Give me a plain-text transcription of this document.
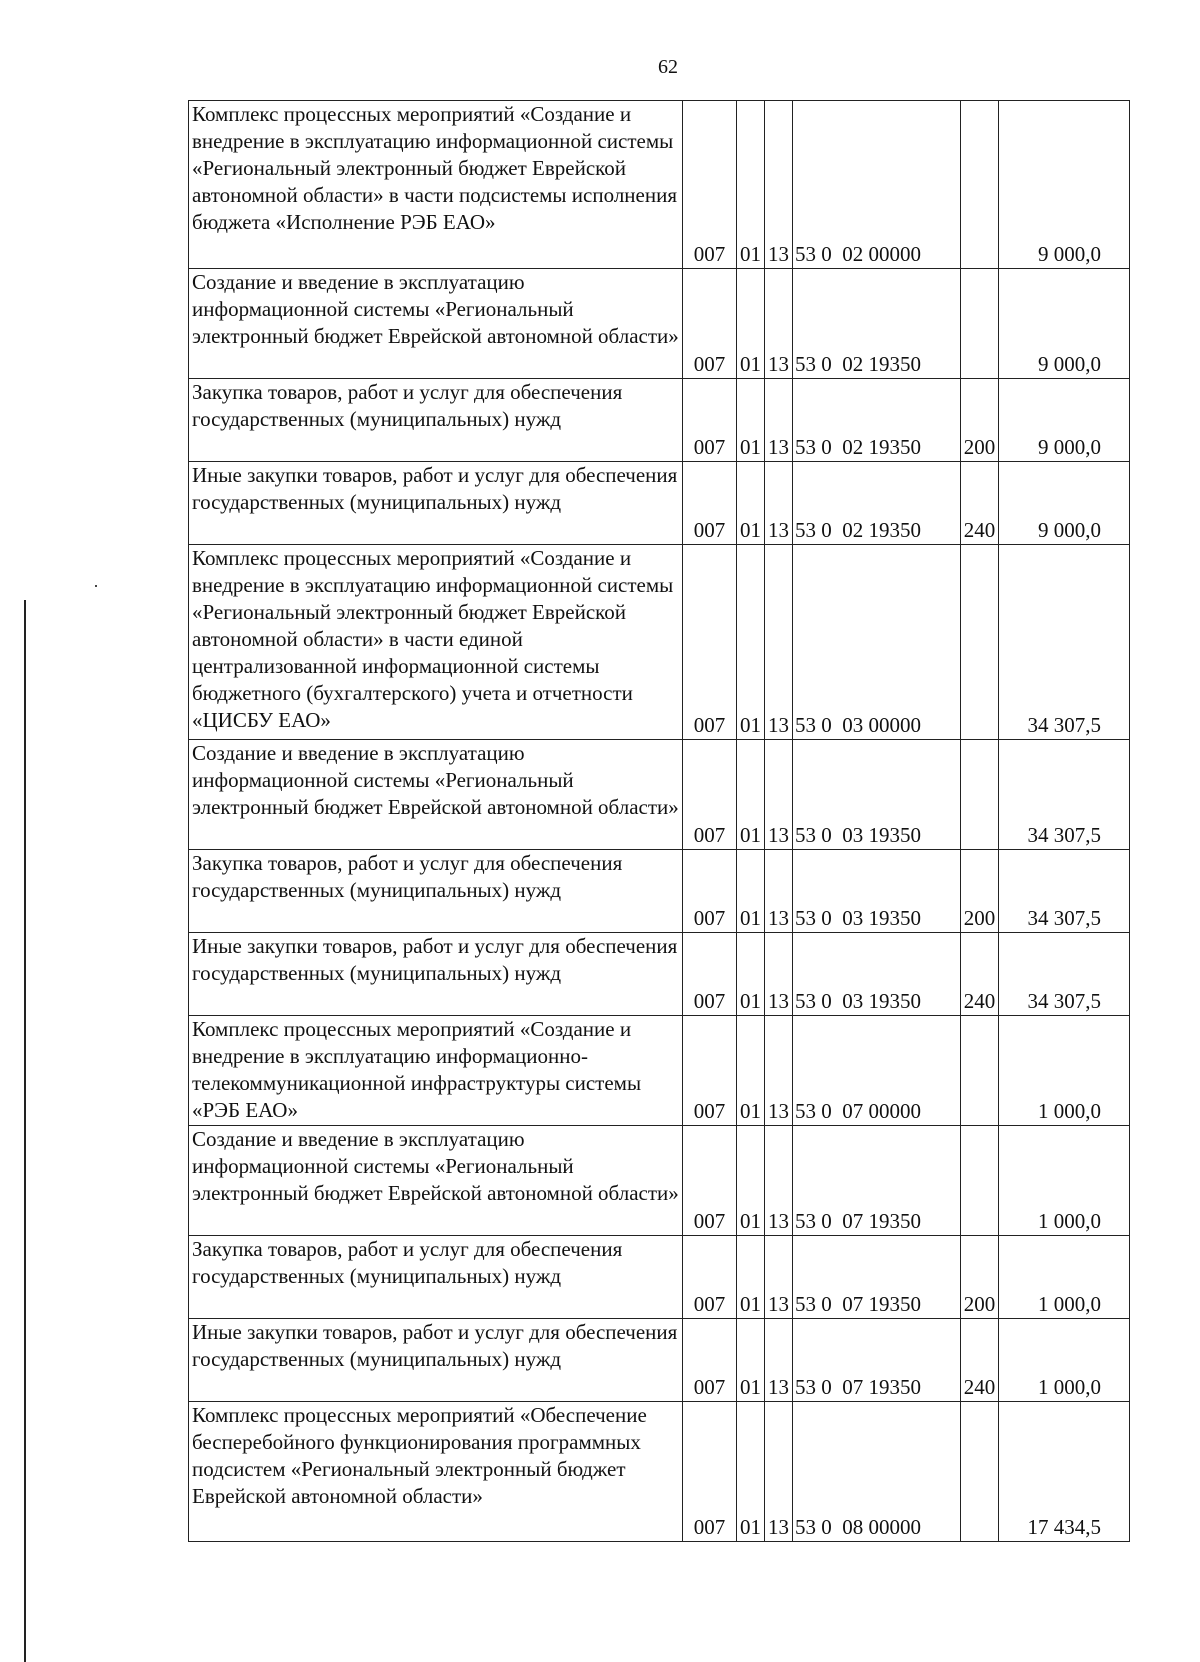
62
Комплекс процессных мероприятий «Создание и внедрение в эксплуатацию информационной системы «Региональный электронный бюджет Еврейской автономной области» в части подсистемы исполнения бюджета «Исполнение РЭБ ЕАО»	007	01	13	53 0  02 00000		9 000,0
Создание и введение в эксплуатацию информационной системы «Региональный электронный бюджет Еврейской автономной области»	007	01	13	53 0  02 19350		9 000,0
Закупка товаров, работ и услуг для обеспечения государственных (муниципальных) нужд	007	01	13	53 0  02 19350	200	9 000,0
Иные закупки товаров, работ и услуг для обеспечения государственных (муниципальных) нужд	007	01	13	53 0  02 19350	240	9 000,0
Комплекс процессных мероприятий «Создание и внедрение в эксплуатацию информационной системы «Региональный электронный бюджет Еврейской автономной области» в части единой централизованной информационной системы бюджетного (бухгалтерского) учета и отчетности «ЦИСБУ ЕАО»	007	01	13	53 0  03 00000		34 307,5
Создание и введение в эксплуатацию информационной системы «Региональный электронный бюджет Еврейской автономной области»	007	01	13	53 0  03 19350		34 307,5
Закупка товаров, работ и услуг для обеспечения государственных (муниципальных) нужд	007	01	13	53 0  03 19350	200	34 307,5
Иные закупки товаров, работ и услуг для обеспечения государственных (муниципальных) нужд	007	01	13	53 0  03 19350	240	34 307,5
Комплекс процессных мероприятий «Создание и внедрение в эксплуатацию информационно-телекоммуникационной инфраструктуры системы «РЭБ ЕАО»	007	01	13	53 0  07 00000		1 000,0
Создание и введение в эксплуатацию информационной системы «Региональный электронный бюджет Еврейской автономной области»	007	01	13	53 0  07 19350		1 000,0
Закупка товаров, работ и услуг для обеспечения государственных (муниципальных) нужд	007	01	13	53 0  07 19350	200	1 000,0
Иные закупки товаров, работ и услуг для обеспечения государственных (муниципальных) нужд	007	01	13	53 0  07 19350	240	1 000,0
Комплекс процессных мероприятий «Обеспечение бесперебойного функционирования программных подсистем «Региональный электронный бюджет Еврейской автономной области»	007	01	13	53 0  08 00000		17 434,5
